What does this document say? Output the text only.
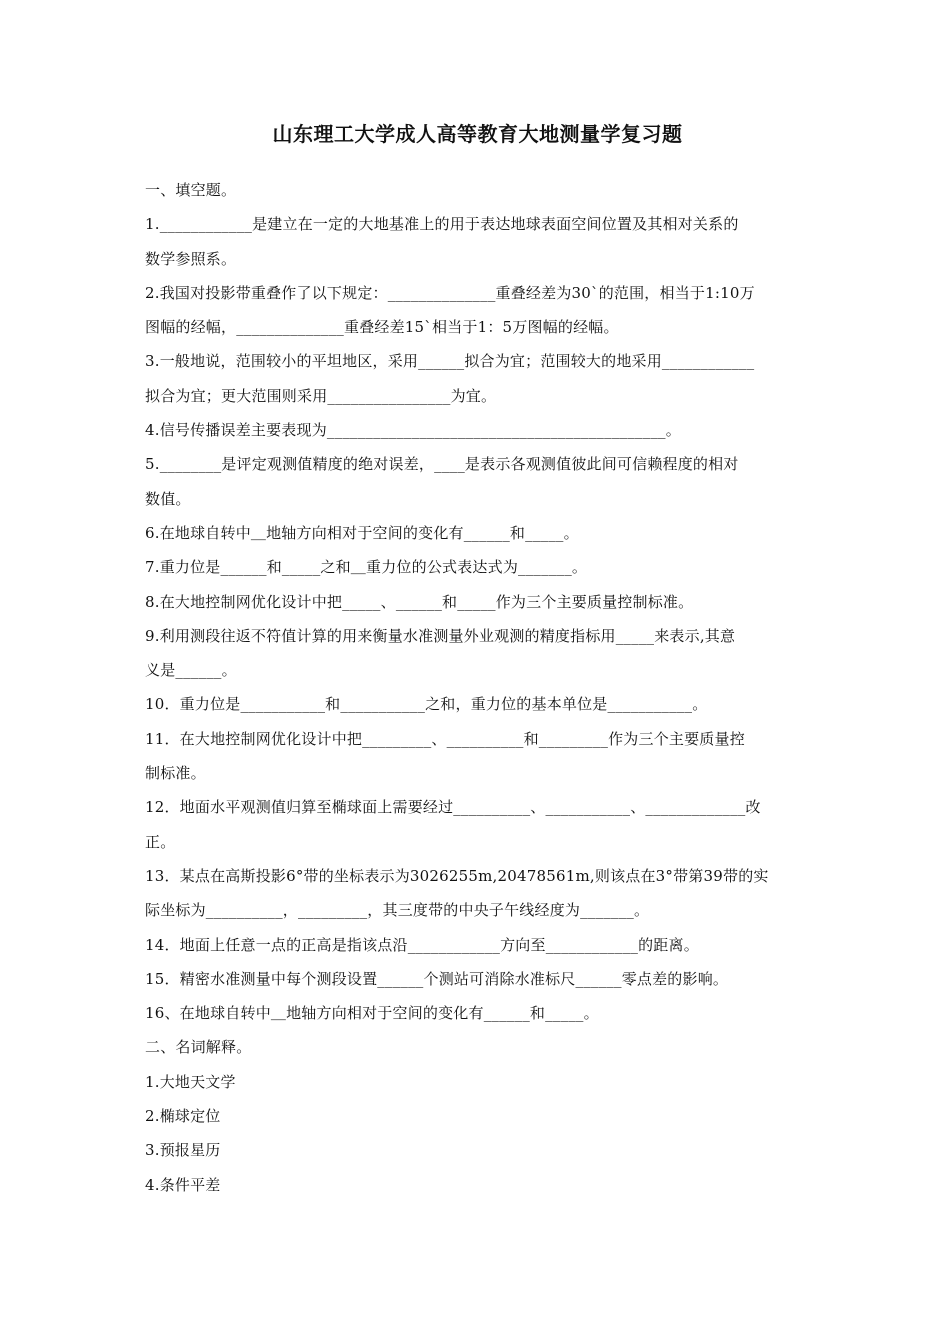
山东理工大学成人高等教育大地测量学复习题
一、填空题。
1.____________是建立在一定的大地基准上的用于表达地球表面空间位置及其相对关系的
数学参照系。
2.我国对投影带重叠作了以下规定：______________重叠经差为30`的范围，相当于1:10万
图幅的经幅，______________重叠经差15`相当于1：5万图幅的经幅。
3.一般地说，范围较小的平坦地区，采用______拟合为宜；范围较大的地采用____________
拟合为宜；更大范围则采用________________为宜。
4.信号传播误差主要表现为____________________________________________。
5.________是评定观测值精度的绝对误差，____是表示各观测值彼此间可信赖程度的相对
数值。
6.在地球自转中＿地轴方向相对于空间的变化有______和_____。
7.重力位是______和_____之和＿重力位的公式表达式为_______。
8.在大地控制网优化设计中把_____、______和_____作为三个主要质量控制标准。
9.利用测段往返不符值计算的用来衡量水准测量外业观测的精度指标用_____来表示,其意
义是______。
10．重力位是___________和___________之和，重力位的基本单位是___________。
11．在大地控制网优化设计中把_________、__________和_________作为三个主要质量控
制标准。
12．地面水平观测值归算至椭球面上需要经过__________、___________、_____________改
正。
13．某点在高斯投影6°带的坐标表示为3026255m,20478561m,则该点在3°带第39带的实
际坐标为__________，_________，其三度带的中央子午线经度为_______。
14．地面上任意一点的正高是指该点沿____________方向至____________的距离。
15．精密水准测量中每个测段设置______个测站可消除水准标尺______零点差的影响。
16、在地球自转中＿地轴方向相对于空间的变化有______和_____。
二、名词解释。
1.大地天文学
2.椭球定位
3.预报星历
4.条件平差
